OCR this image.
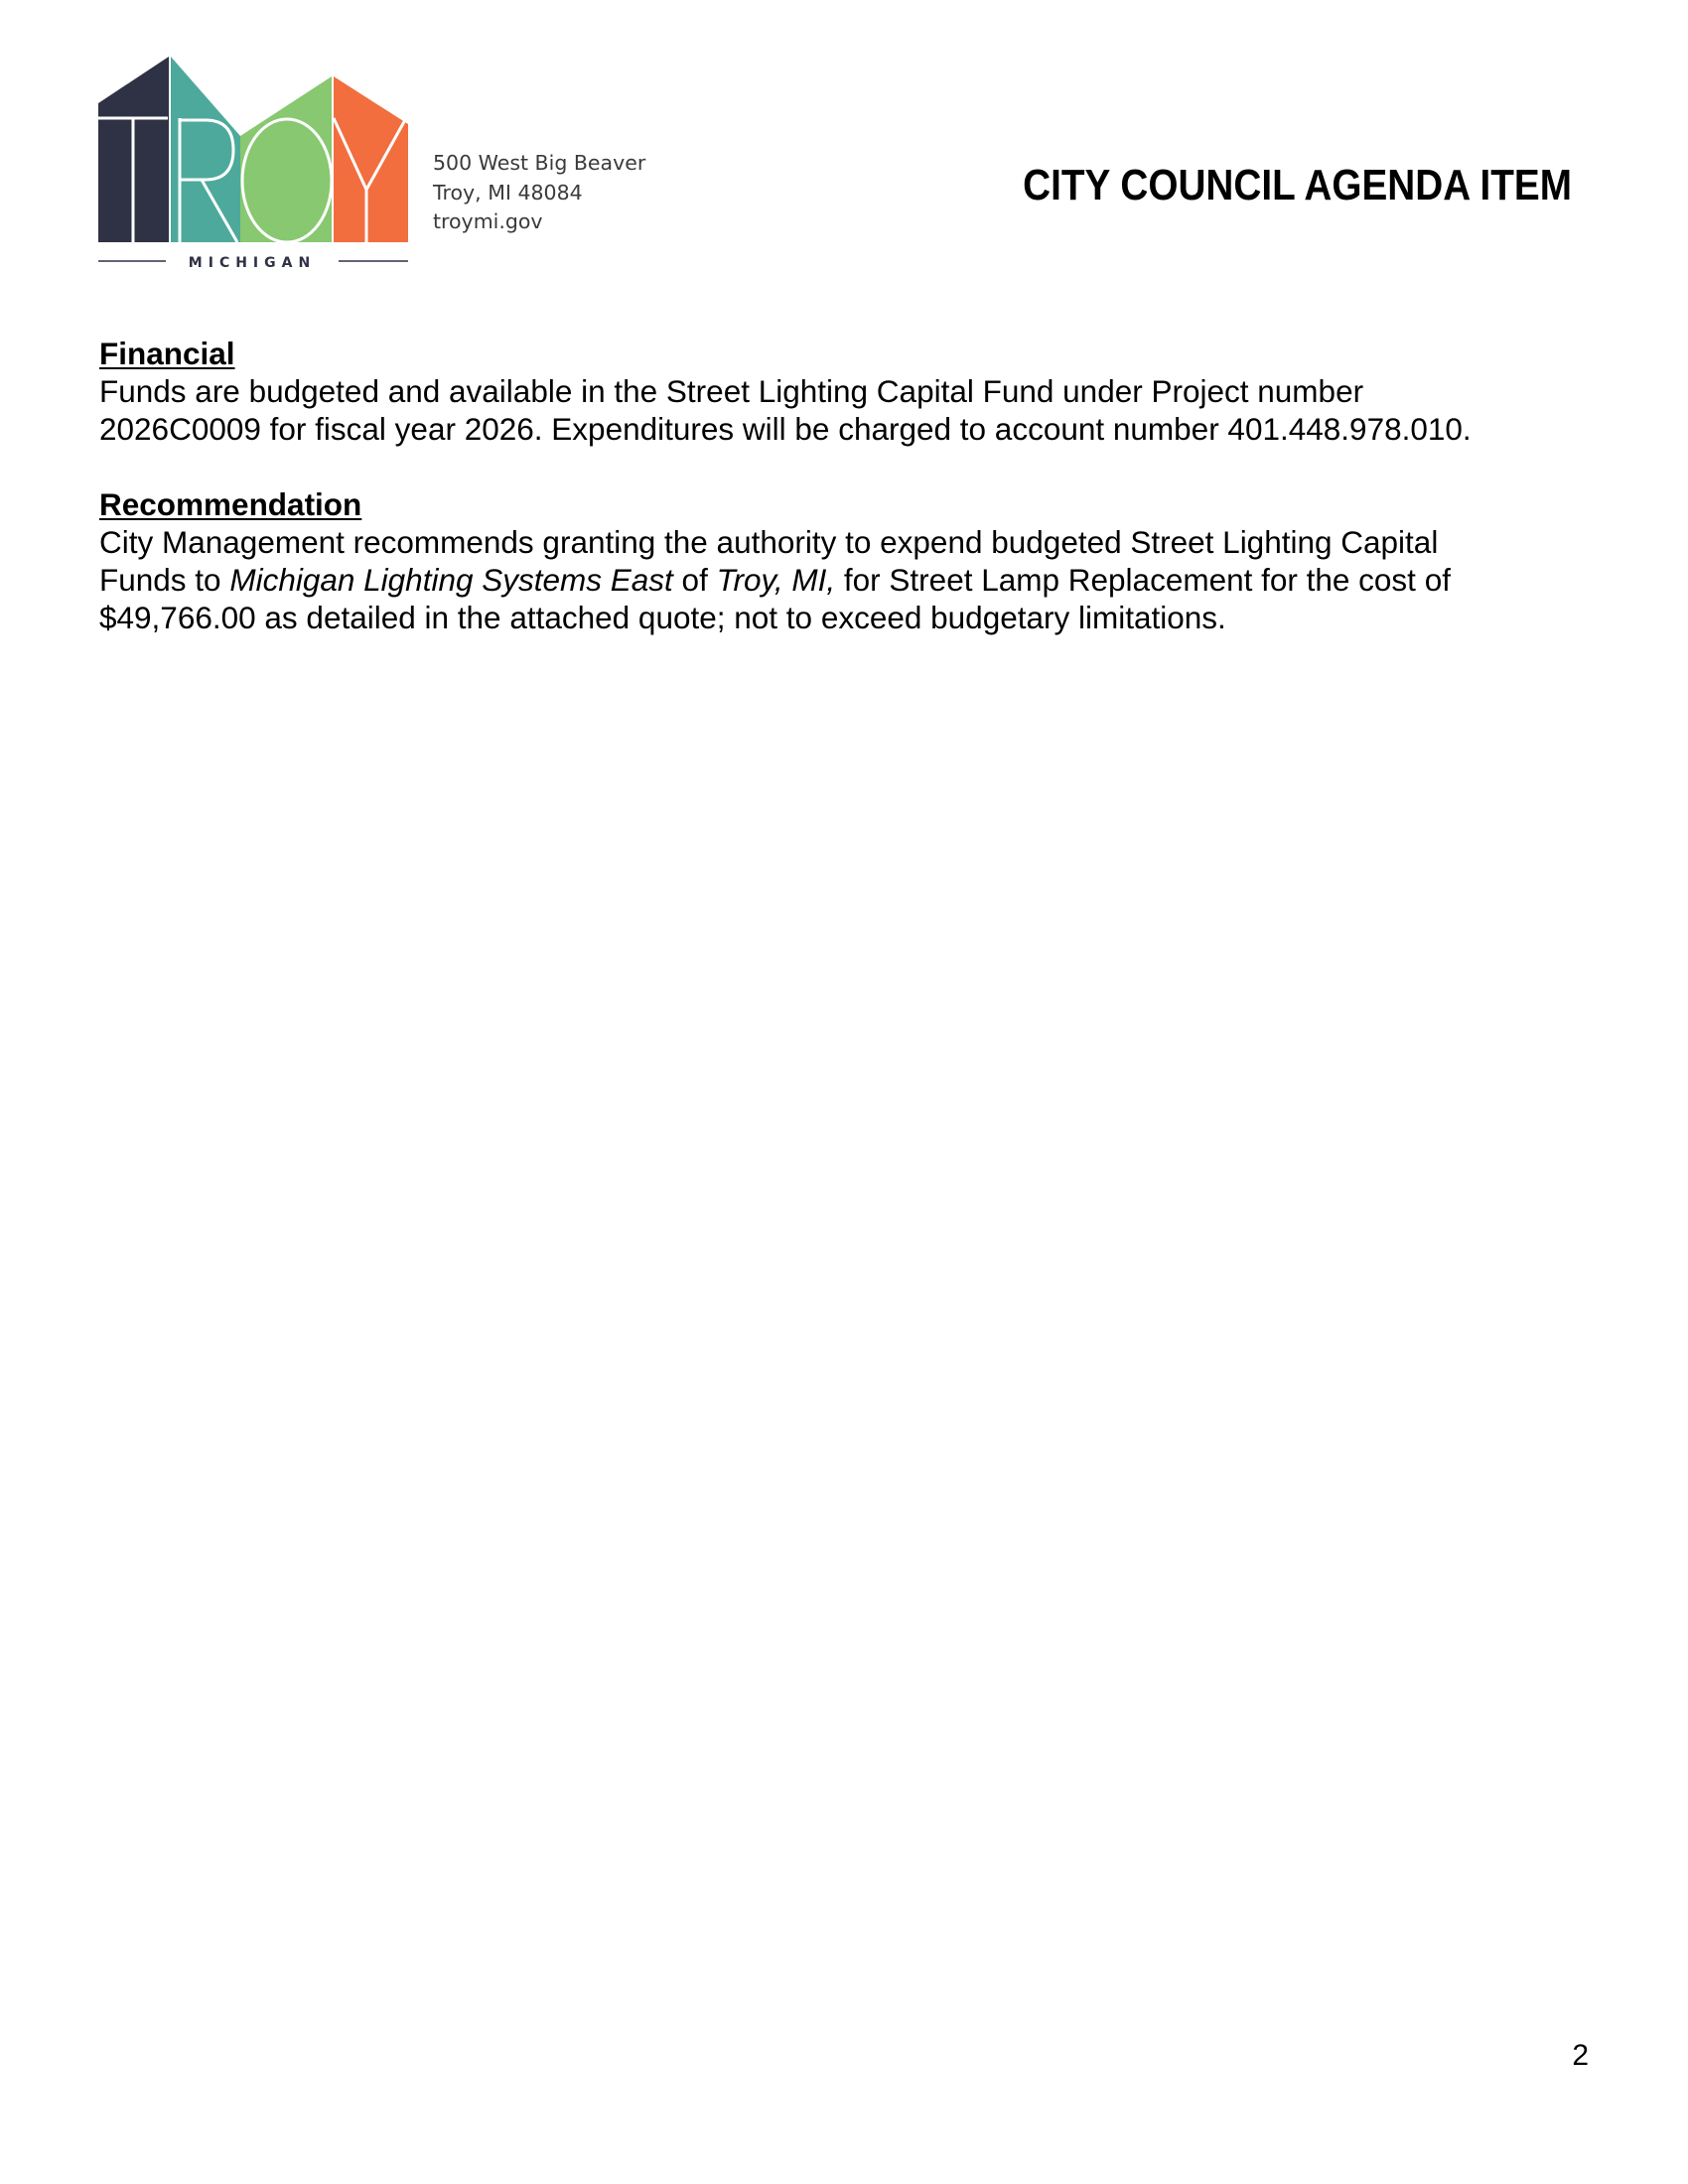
MICHIGAN
500 West Big Beaver
Troy, MI 48084
troymi.gov
CITY COUNCIL AGENDA ITEM
Financial

Funds are budgeted and available in the Street Lighting Capital Fund under Project number
2026C0009 for fiscal year 2026. Expenditures will be charged to account number 401.448.978.010.

Recommendation

City Management recommends granting the authority to expend budgeted Street Lighting Capital
Funds to Michigan Lighting Systems East of Troy, MI, for Street Lamp Replacement for the cost of
$49,766.00 as detailed in the attached quote; not to exceed budgetary limitations.

2
